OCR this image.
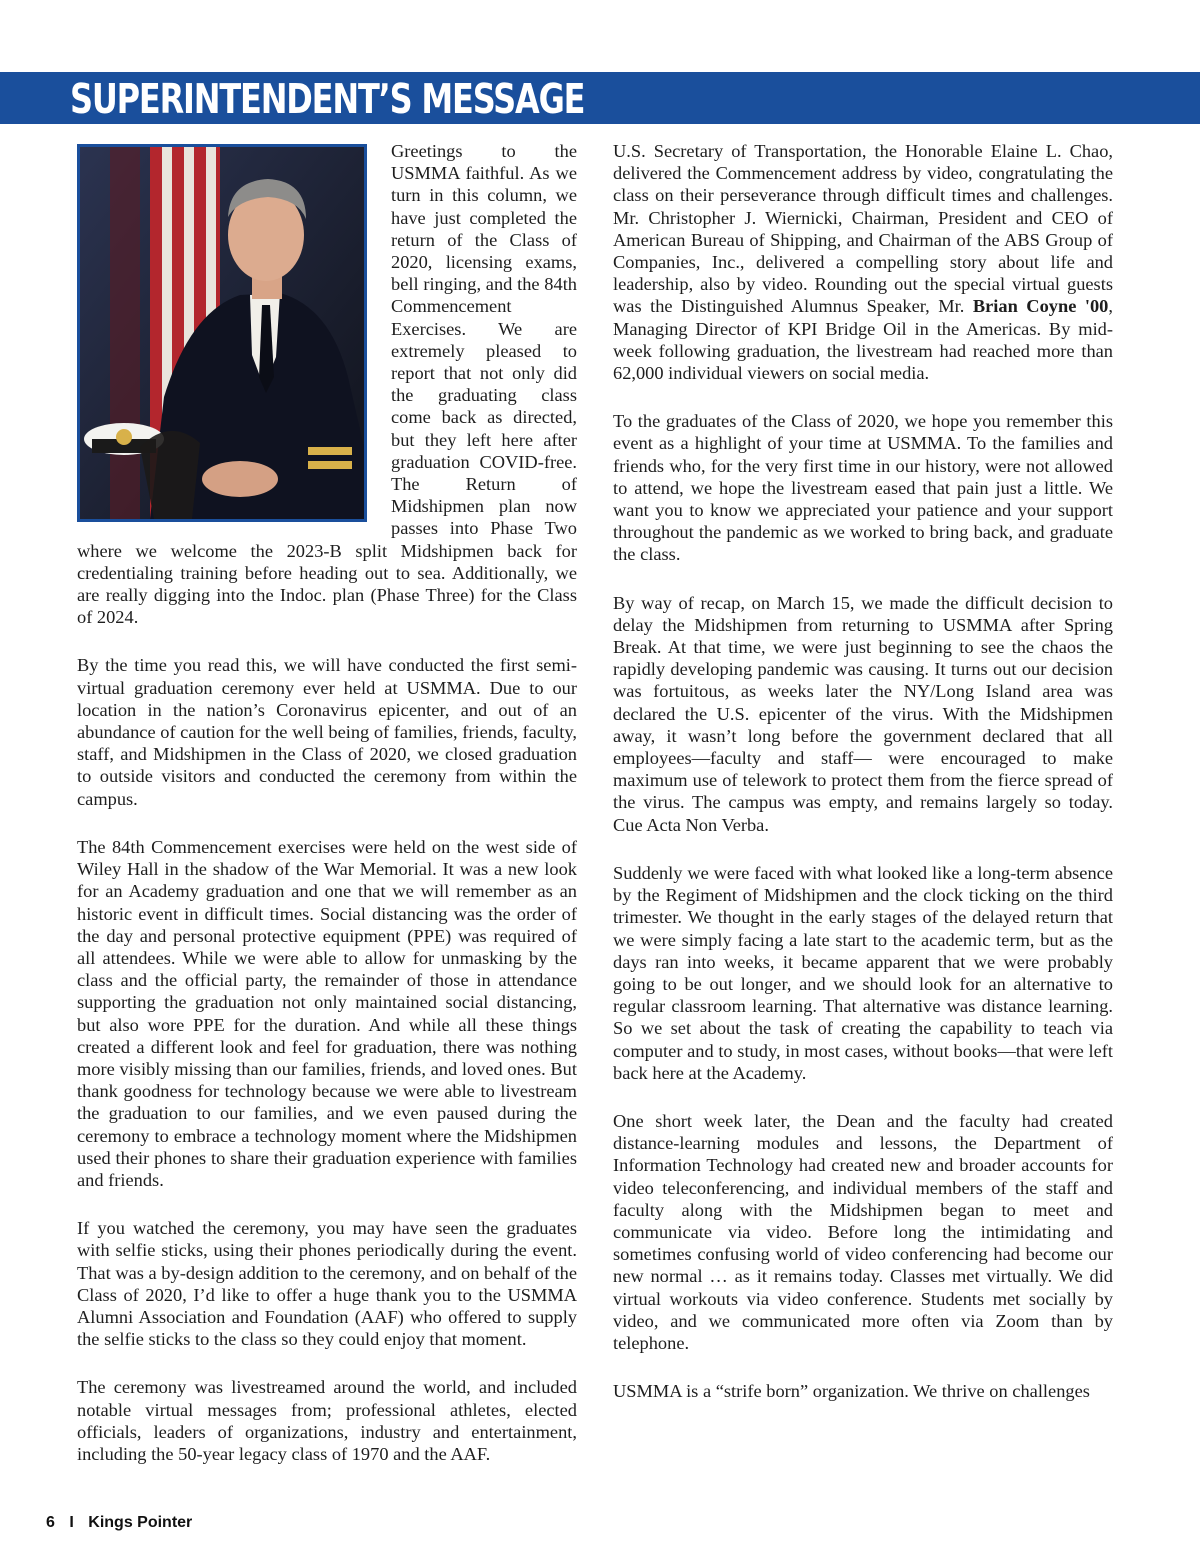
SUPERINTENDENT’S MESSAGE

Greetings to the USMMA faithful. As we turn in this column, we have just completed the return of the Class of 2020, licensing exams, bell ringing, and the 84th Commencement Exercises. We are extremely pleased to report that not only did the graduating class come back as directed, but they left here after graduation COVID-free. The Return of Midshipmen plan now passes into Phase Two where we welcome the 2023-B split Midshipmen back for credentialing training before heading out to sea. Additionally, we are really digging into the Indoc. plan (Phase Three) for the Class of 2024.

By the time you read this, we will have conducted the first semi-virtual graduation ceremony ever held at USMMA. Due to our location in the nation’s Coronavirus epicenter, and out of an abundance of caution for the well being of families, friends, faculty, staff, and Midshipmen in the Class of 2020, we closed graduation to outside visitors and conducted the ceremony from within the campus.

The 84th Commencement exercises were held on the west side of Wiley Hall in the shadow of the War Memorial. It was a new look for an Academy graduation and one that we will remember as an historic event in difficult times. Social distancing was the order of the day and personal protective equipment (PPE) was required of all attendees. While we were able to allow for unmasking by the class and the official party, the remainder of those in attendance supporting the graduation not only maintained social distancing, but also wore PPE for the duration. And while all these things created a different look and feel for graduation, there was nothing more visibly missing than our families, friends, and loved ones. But thank goodness for technology because we were able to livestream the graduation to our families, and we even paused during the ceremony to embrace a technology moment where the Midshipmen used their phones to share their graduation experience with families and friends.

If you watched the ceremony, you may have seen the graduates with selfie sticks, using their phones periodically during the event. That was a by-design addition to the ceremony, and on behalf of the Class of 2020, I’d like to offer a huge thank you to the USMMA Alumni Association and Foundation (AAF) who offered to supply the selfie sticks to the class so they could enjoy that moment.

The ceremony was livestreamed around the world, and included notable virtual messages from; professional athletes, elected officials, leaders of organizations, industry and entertainment, including the 50-year legacy class of 1970 and the AAF.

U.S. Secretary of Transportation, the Honorable Elaine L. Chao, delivered the Commencement address by video, congratulating the class on their perseverance through difficult times and challenges. Mr. Christopher J. Wiernicki, Chairman, President and CEO of American Bureau of Shipping, and Chairman of the ABS Group of Companies, Inc., delivered a compelling story about life and leadership, also by video. Rounding out the special virtual guests was the Distinguished Alumnus Speaker, Mr. Brian Coyne '00, Managing Director of KPI Bridge Oil in the Americas. By mid-week following graduation, the livestream had reached more than 62,000 individual viewers on social media.

To the graduates of the Class of 2020, we hope you remember this event as a highlight of your time at USMMA. To the families and friends who, for the very first time in our history, were not allowed to attend, we hope the livestream eased that pain just a little. We want you to know we appreciated your patience and your support throughout the pandemic as we worked to bring back, and graduate the class.

By way of recap, on March 15, we made the difficult decision to delay the Midshipmen from returning to USMMA after Spring Break. At that time, we were just beginning to see the chaos the rapidly developing pandemic was causing. It turns out our decision was fortuitous, as weeks later the NY/Long Island area was declared the U.S. epicenter of the virus. With the Midshipmen away, it wasn’t long before the government declared that all employees—faculty and staff— were encouraged to make maximum use of telework to protect them from the fierce spread of the virus. The campus was empty, and remains largely so today. Cue Acta Non Verba.

Suddenly we were faced with what looked like a long-term absence by the Regiment of Midshipmen and the clock ticking on the third trimester. We thought in the early stages of the delayed return that we were simply facing a late start to the academic term, but as the days ran into weeks, it became apparent that we were probably going to be out longer, and we should look for an alternative to regular classroom learning. That alternative was distance learning. So we set about the task of creating the capability to teach via computer and to study, in most cases, without books—that were left back here at the Academy.

One short week later, the Dean and the faculty had created distance-learning modules and lessons, the Department of Information Technology had created new and broader accounts for video teleconferencing, and individual members of the staff and faculty along with the Midshipmen began to meet and communicate via video. Before long the intimidating and sometimes confusing world of video conferencing had become our new normal … as it remains today. Classes met virtually. We did virtual workouts via video conference. Students met socially by video, and we communicated more often via Zoom than by telephone.

USMMA is a “strife born” organization. We thrive on challenges

6 I Kings Pointer
